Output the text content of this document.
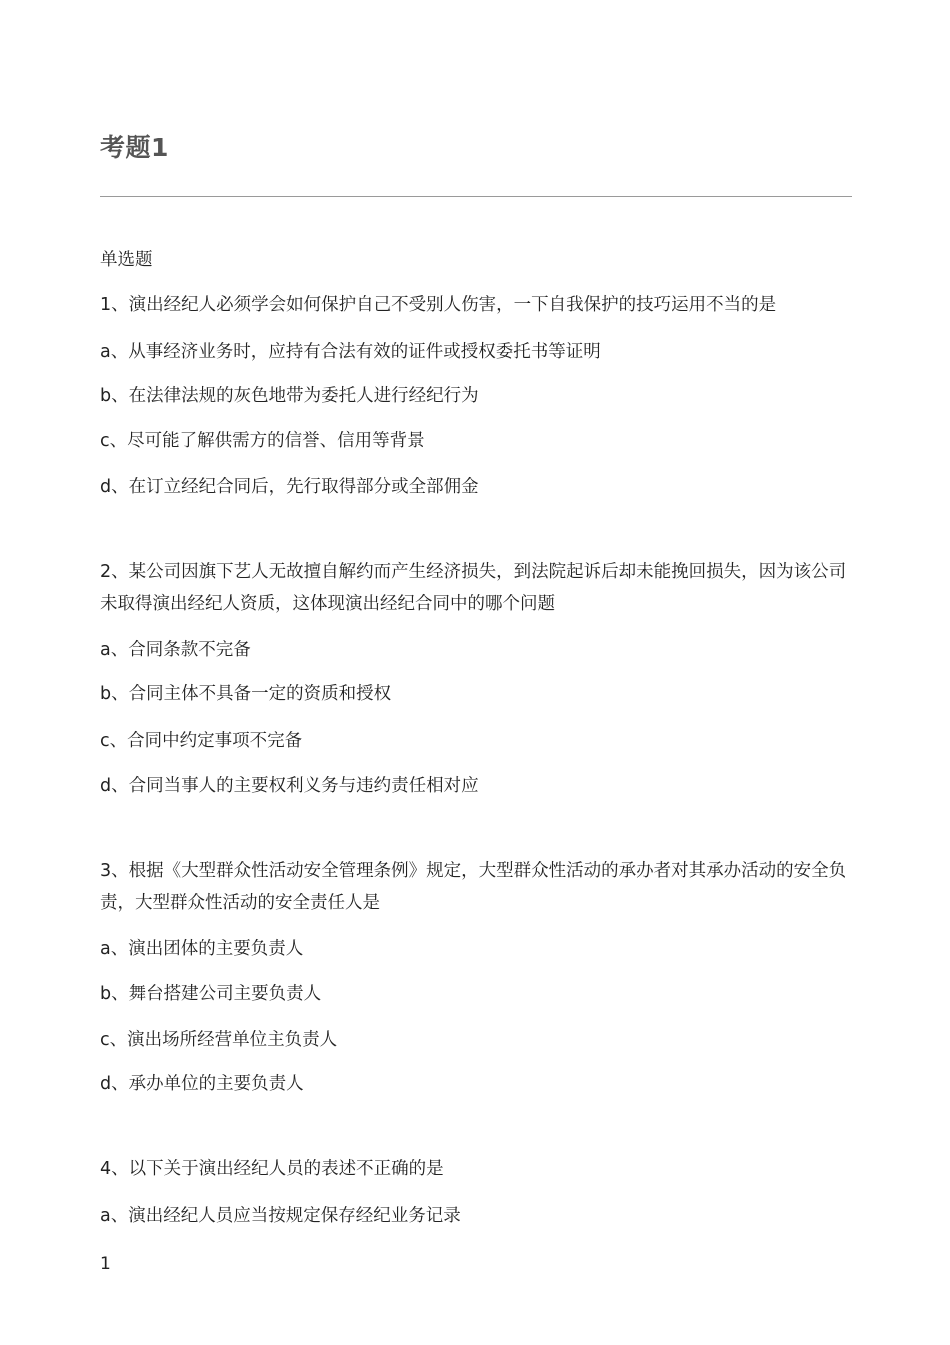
考题1

单选题

1、演出经纪人必须学会如何保护自己不受别人伤害，一下自我保护的技巧运用不当的是

a、从事经济业务时，应持有合法有效的证件或授权委托书等证明

b、在法律法规的灰色地带为委托人进行经纪行为

c、尽可能了解供需方的信誉、信用等背景

d、在订立经纪合同后，先行取得部分或全部佣金

2、某公司因旗下艺人无故擅自解约而产生经济损失，到法院起诉后却未能挽回损失，因为该公司未取得演出经纪人资质，这体现演出经纪合同中的哪个问题

a、合同条款不完备

b、合同主体不具备一定的资质和授权

c、合同中约定事项不完备

d、合同当事人的主要权利义务与违约责任相对应

3、根据《大型群众性活动安全管理条例》规定，大型群众性活动的承办者对其承办活动的安全负责，大型群众性活动的安全责任人是

a、演出团体的主要负责人

b、舞台搭建公司主要负责人

c、演出场所经营单位主负责人

d、承办单位的主要负责人

4、以下关于演出经纪人员的表述不正确的是

a、演出经纪人员应当按规定保存经纪业务记录

1
